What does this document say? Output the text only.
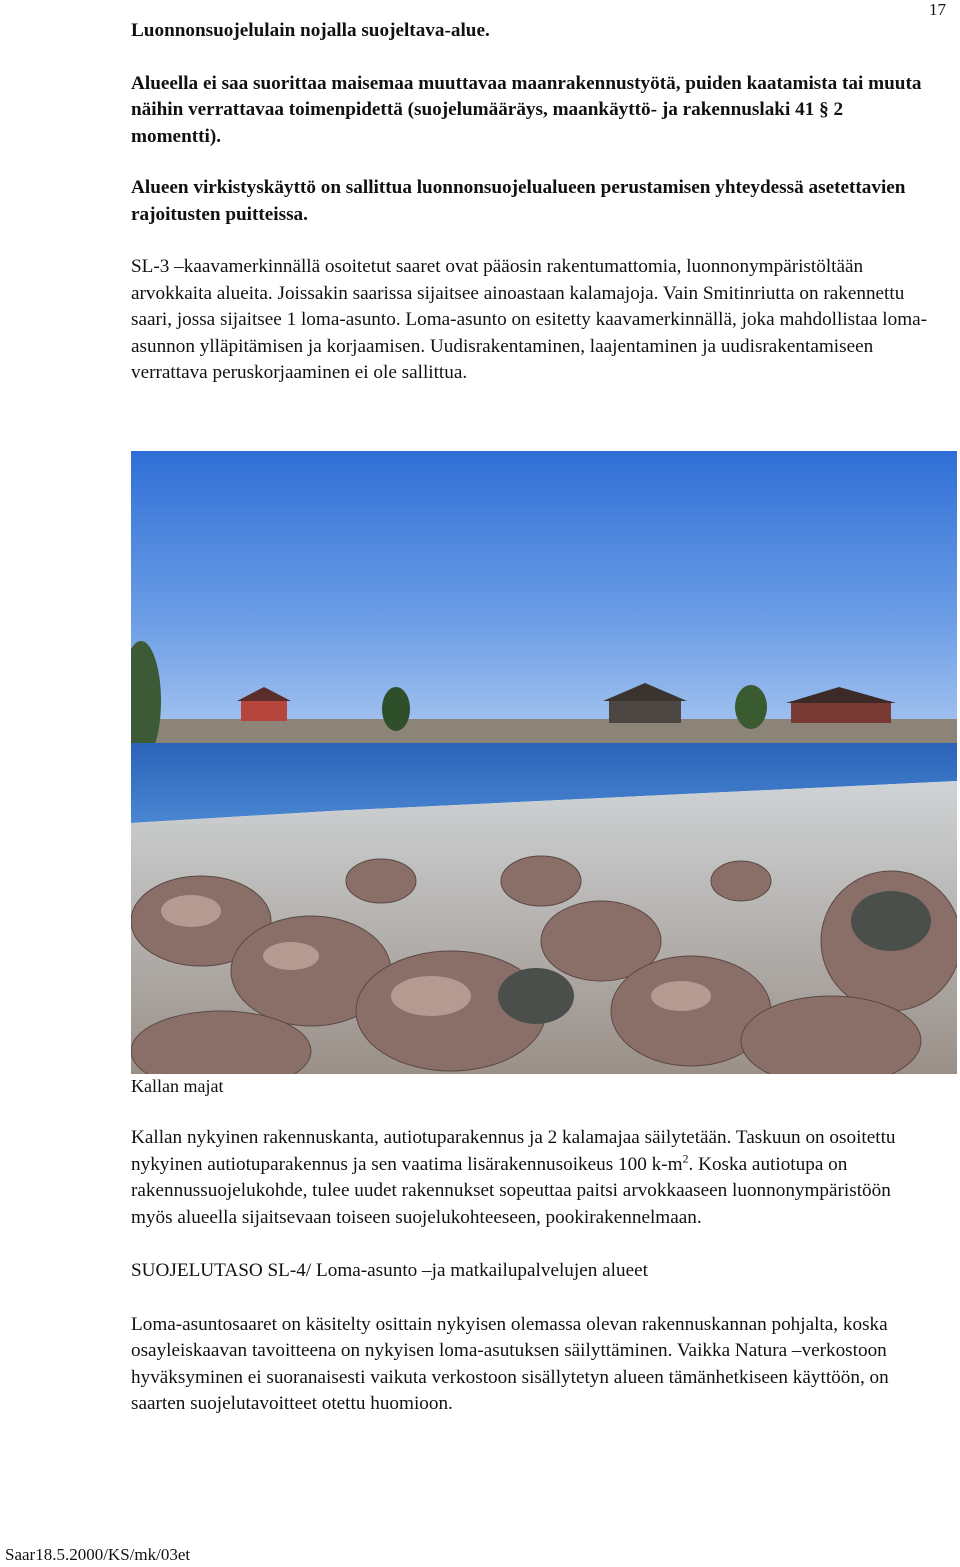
17

Luonnonsuojelulain nojalla suojeltava-alue.

Alueella ei saa suorittaa maisemaa muuttavaa maanrakennustyötä, puiden kaatamista tai muuta näihin verrattavaa toimenpidettä (suojelumääräys, maankäyttö- ja rakennuslaki 41 § 2 momentti).

Alueen virkistyskäyttö on sallittua luonnonsuojelualueen perustamisen yhteydessä asetettavien rajoitusten puitteissa.

SL-3 –kaavamerkinnällä osoitetut saaret ovat pääosin rakentumattomia, luonnonympäristöltään arvokkaita alueita. Joissakin saarissa sijaitsee ainoastaan kalamajoja. Vain Smitinriutta on rakennettu saari, jossa sijaitsee 1 loma-asunto. Loma-asunto on esitetty kaavamerkinnällä, joka mahdollistaa loma-asunnon ylläpitämisen ja korjaamisen. Uudisrakentaminen, laajentaminen ja uudisrakentamiseen verrattava peruskorjaaminen ei ole sallittua.

Kallan majat

Kallan nykyinen rakennuskanta, autiotuparakennus ja 2 kalamajaa säilytetään. Taskuun on osoitettu nykyinen autiotuparakennus ja sen vaatima lisärakennusoikeus 100 $k-m^2$. Koska autiotupa on rakennussuojelukohde, tulee uudet rakennukset sopeuttaa paitsi arvokkaaseen luonnonympäristöön myös alueella sijaitsevaan toiseen suojelukohteeseen, pookirakennelmaan.

SUOJELUTASO SL-4/ Loma-asunto –ja matkailupalvelujen alueet

Loma-asuntosaaret on käsitelty osittain nykyisen olemassa olevan rakennuskannan pohjalta, koska osayleiskaavan tavoitteena on nykyisen loma-asutuksen säilyttäminen. Vaikka Natura –verkostoon hyväksyminen ei suoranaisesti vaikuta verkostoon sisällytetyn alueen tämänhetkiseen käyttöön, on saarten suojelutavoitteet otettu huomioon.

Saar18.5.2000/KS/mk/03et
